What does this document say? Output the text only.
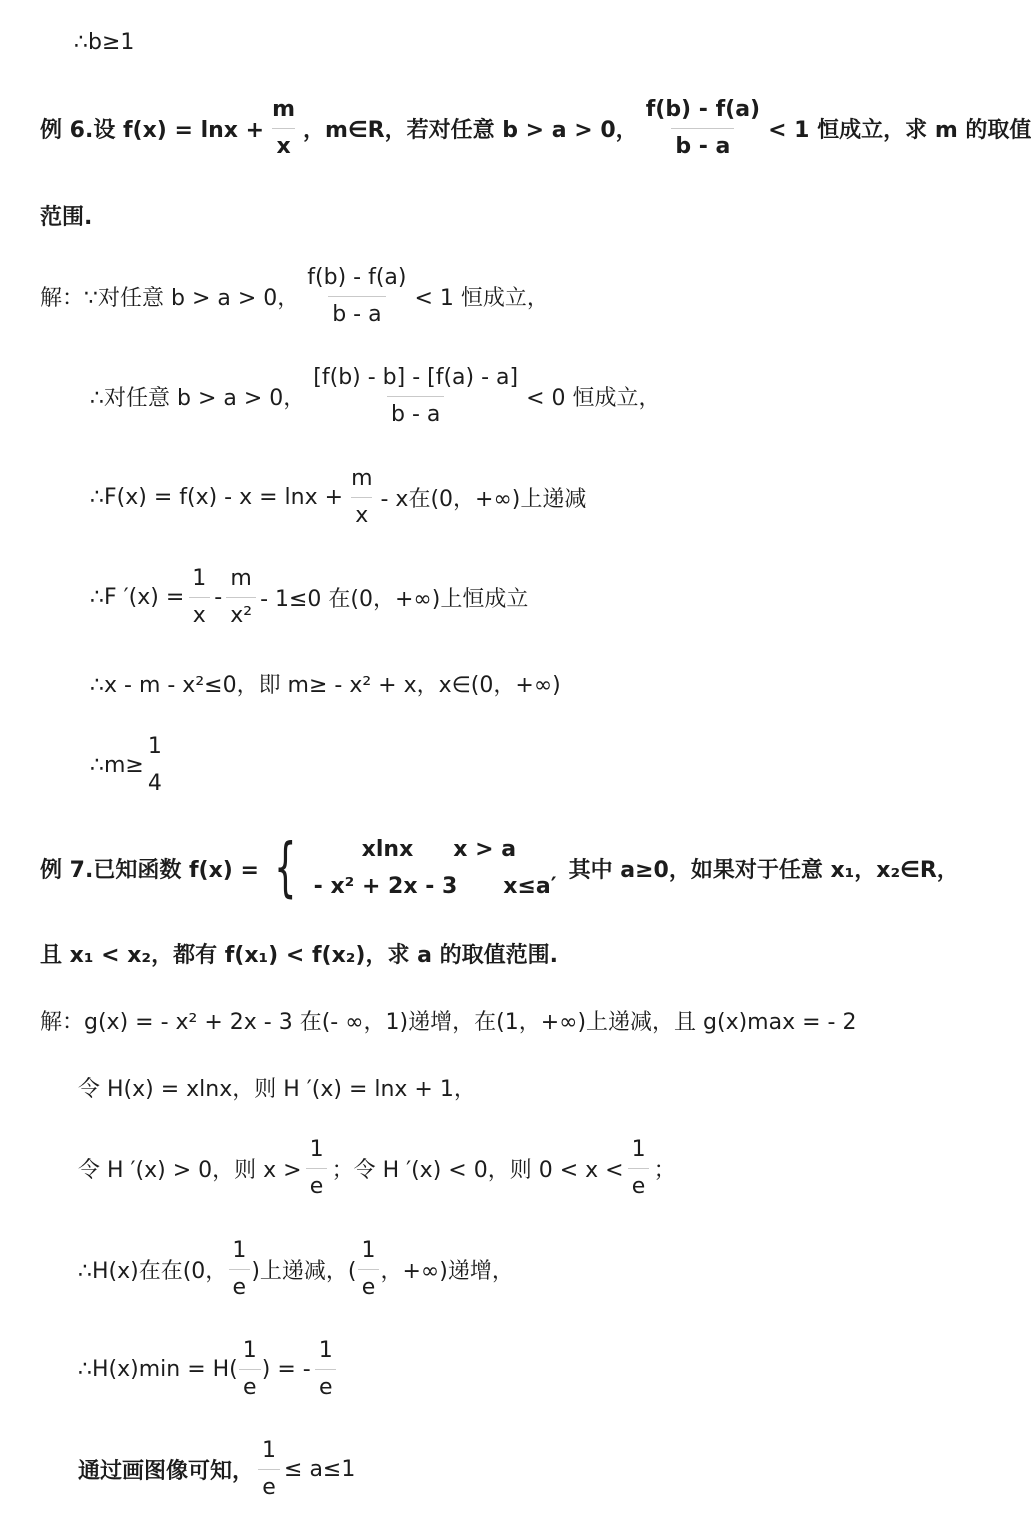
∴b≥1
例 6.设 $f(x) = \ln x + \frac{m}{x}$ ，m∈R，若对任意 b > a > 0， $\frac{f(b) - f(a)}{b - a} < 1$ 恒成立，求 m 的取值
范围.
解：∵对任意 b > a > 0， $\frac{f(b) - f(a)}{b - a} < 1$ 恒成立，
∴对任意 b > a > 0， $\frac{[f(b) - b] - [f(a) - a]}{b - a} < 0$ 恒成立，
∴F(x) = $f(x) - x = \ln x + \frac{m}{x} - x$在(0，+∞)上递减
∴F $'(x) = \frac{1}{x} - \frac{m}{\text{x²}} - 1\le 0$ 在(0，+∞)上恒成立
∴x - m - x²≤0，即 m≥ - x² + x，x∈(0，+∞)
∴m≥ $\frac{1}{4}$
例 7.已知函数 f(x) = {	xlnx x > a
- x² + 2x - 3 x≤a′
其中 a≥0，如果对于任意 x₁，x₂∈R，
且 x₁ < x₂，都有 f(x₁) < f(x₂)，求 a 的取值范围.
解：g(x) = - x² + 2x - 3 在(- ∞，1)递增，在(1，+∞)上递减，且 g(x)max = - 2
令 H(x) = xlnx，则 H ′(x) = lnx + 1，
令 H ′(x) > 0，则 $x > \frac{1}{e}$ ；令 H ′(x) < 0，则 $0 < x < \frac{1}{e}$ ；
∴H(x)在在(0， $\frac{1}{e}$ )上递减，( $\frac{1}{e}$ ，+∞)递增，
∴H(x)min = $H( \frac{1}{e}$ ) = - $\frac{1}{e}$
通过画图像可知， $\frac{1}{e} \le a\le 1$
